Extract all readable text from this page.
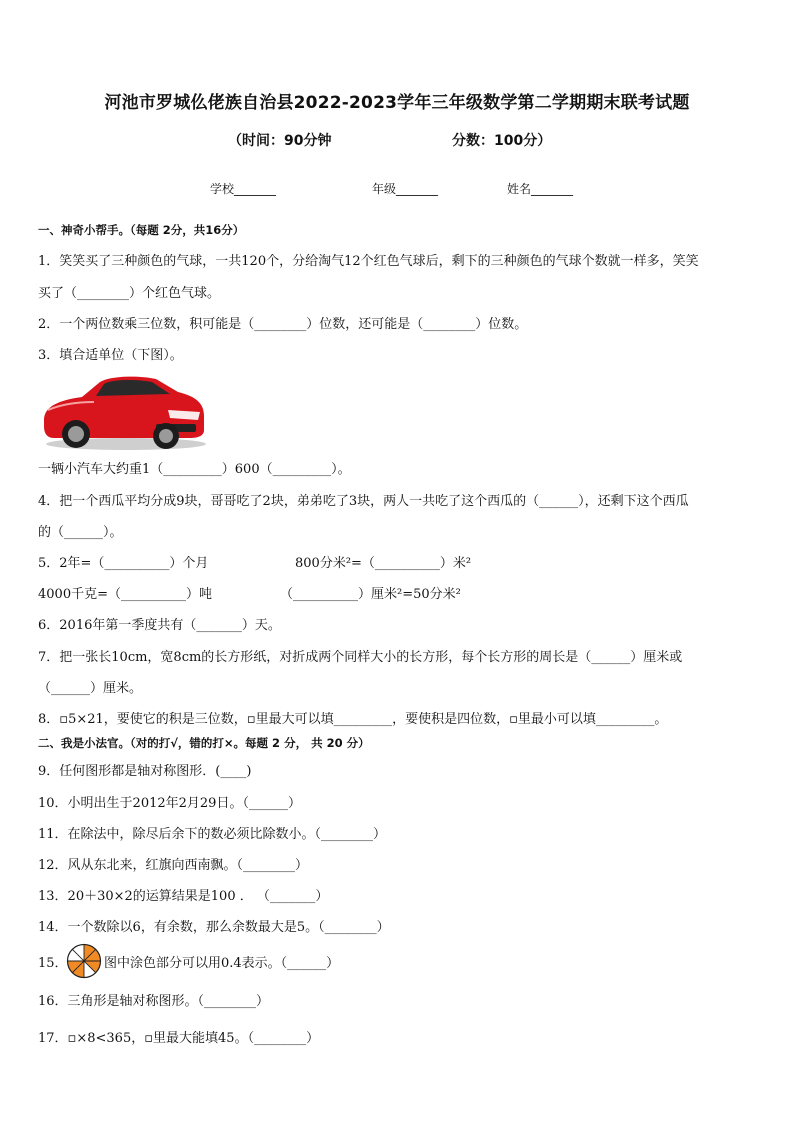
河池市罗城仫佬族自治县2022-2023学年三年级数学第二学期期末联考试题
（时间：90分钟	分数：100分）
学校_______	年级_______	姓名_______
一、神奇小帮手。（每题 2分，共16分）
1．笑笑买了三种颜色的气球，一共120个，分给淘气12个红色气球后，剩下的三种颜色的气球个数就一样多，笑笑
买了（________）个红色气球。
2．一个两位数乘三位数，积可能是（________）位数，还可能是（________）位数。
3．填合适单位（下图）。
一辆小汽车大约重1（_________）600（_________）。
4．把一个西瓜平均分成9块，哥哥吃了2块，弟弟吃了3块，两人一共吃了这个西瓜的（______），还剩下这个西瓜
的（______）。
5．2年=（__________）个月	800分米²=（__________）米²
4000千克=（__________）吨	（__________）厘米²=50分米²
6．2016年第一季度共有（_______）天。
7．把一张长10cm，宽8cm的长方形纸，对折成两个同样大小的长方形，每个长方形的周长是（______）厘米或
（______）厘米。
8．▫5×21，要使它的积是三位数，▫里最大可以填_________，要使积是四位数，▫里最小可以填_________。
二、我是小法官。（对的打√，错的打×。每题 2 分， 共 20 分）
9．任何图形都是轴对称图形．(____)
10．小明出生于2012年2月29日。（______）
11．在除法中，除尽后余下的数必须比除数小。（________）
12．风从东北来，红旗向西南飘。（________）
13．20＋30×2的运算结果是100 ． （_______）
14．一个数除以6，有余数，那么余数最大是5。（________）
15．	图中涂色部分可以用0.4表示。（______）
16．三角形是轴对称图形。（________）
17．▫×8<365，▫里最大能填45。（________）
